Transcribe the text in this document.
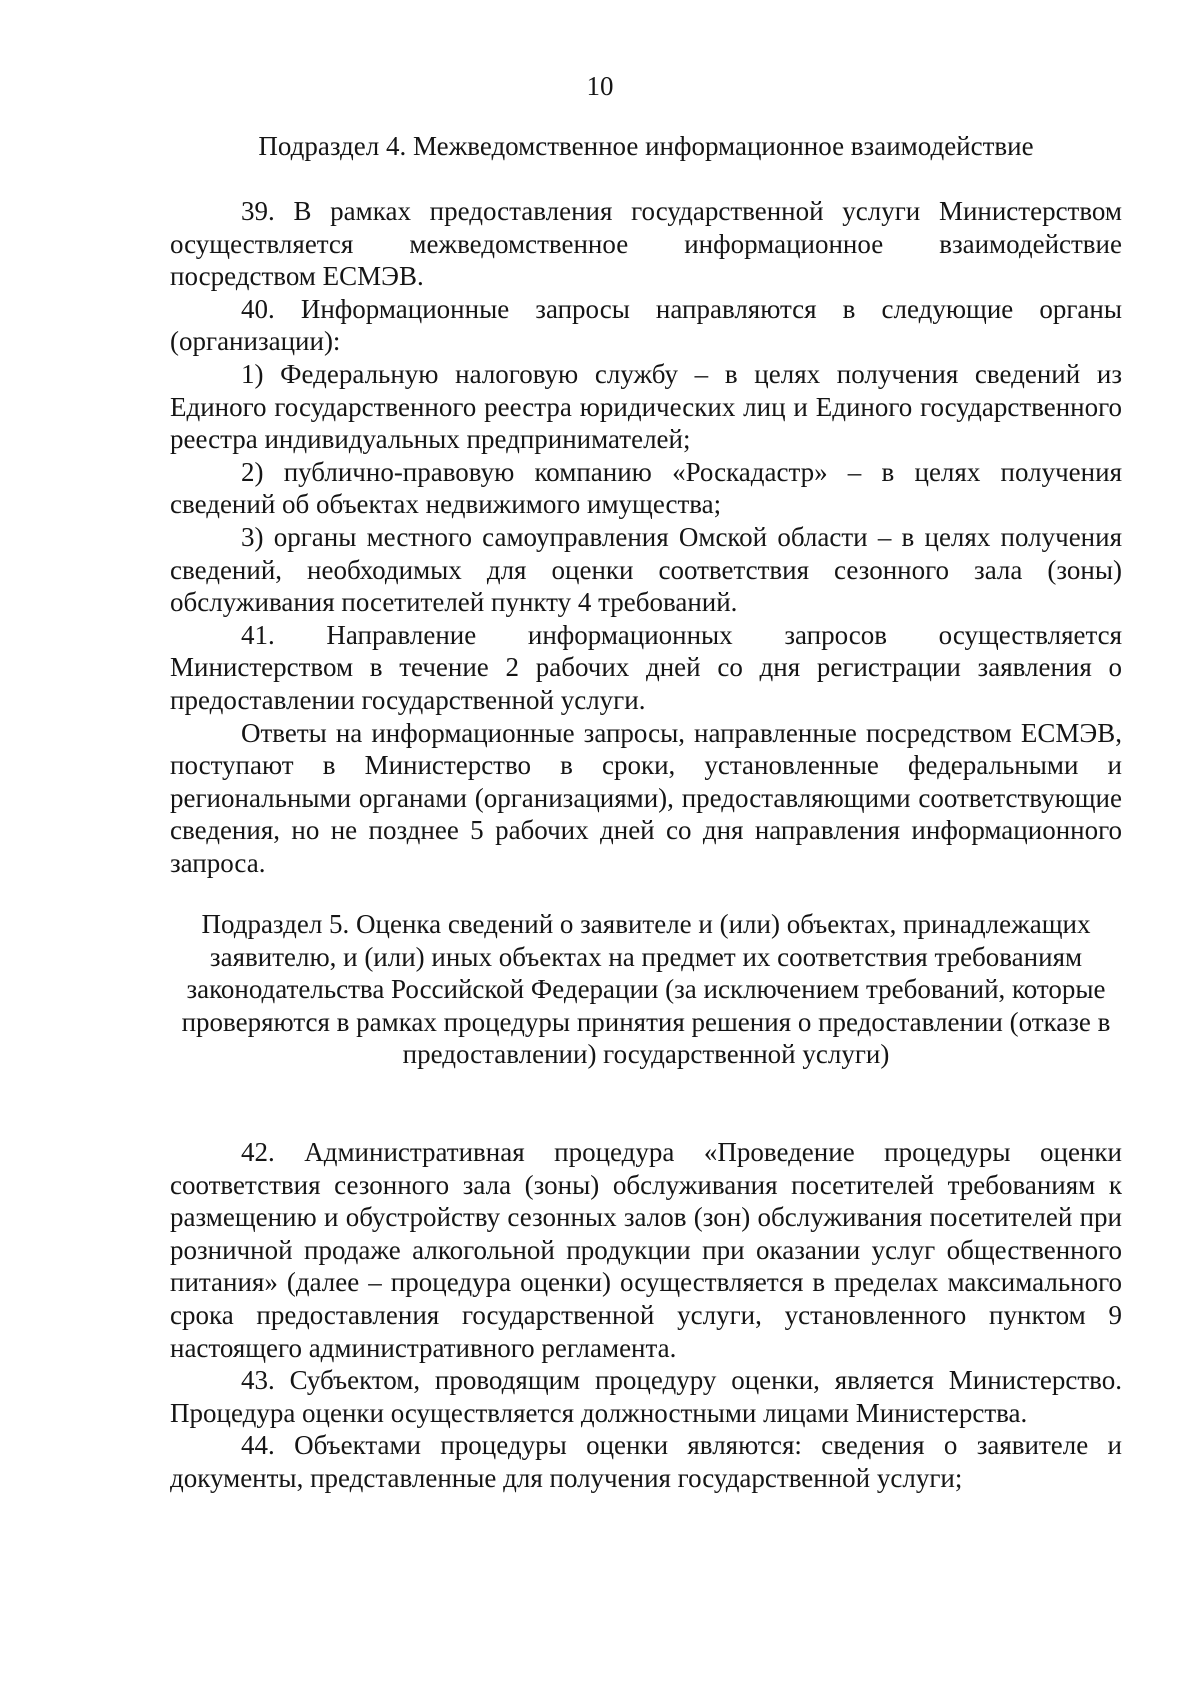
10
Подраздел 4. Межведомственное информационное взаимодействие

39. В рамках предоставления государственной услуги Министерством осуществляется межведомственное информационное взаимодействие посредством ЕСМЭВ.

40. Информационные запросы направляются в следующие органы (организации):

1) Федеральную налоговую службу – в целях получения сведений из Единого государственного реестра юридических лиц и Единого государственного реестра индивидуальных предпринимателей;

2) публично-правовую компанию «Роскадастр» – в целях получения сведений об объектах недвижимого имущества;

3) органы местного самоуправления Омской области – в целях получения сведений, необходимых для оценки соответствия сезонного зала (зоны) обслуживания посетителей пункту 4 требований.

41. Направление информационных запросов осуществляется Министерством в течение 2 рабочих дней со дня регистрации заявления о предоставлении государственной услуги.

Ответы на информационные запросы, направленные посредством ЕСМЭВ, поступают в Министерство в сроки, установленные федеральными и региональными органами (организациями), предоставляющими соответствующие сведения, но не позднее 5 рабочих дней со дня направления информационного запроса.

Подраздел 5. Оценка сведений о заявителе и (или) объектах, принадлежащих заявителю, и (или) иных объектах на предмет их соответствия требованиям законодательства Российской Федерации (за исключением требований, которые проверяются в рамках процедуры принятия решения о предоставлении (отказе в предоставлении) государственной услуги)

42. Административная процедура «Проведение процедуры оценки соответствия сезонного зала (зоны) обслуживания посетителей требованиям к размещению и обустройству сезонных залов (зон) обслуживания посетителей при розничной продаже алкогольной продукции при оказании услуг общественного питания» (далее – процедура оценки) осуществляется в пределах максимального срока предоставления государственной услуги, установленного пунктом 9 настоящего административного регламента.

43. Субъектом, проводящим процедуру оценки, является Министерство. Процедура оценки осуществляется должностными лицами Министерства.

44. Объектами процедуры оценки являются: сведения о заявителе и документы, представленные для получения государственной услуги;
